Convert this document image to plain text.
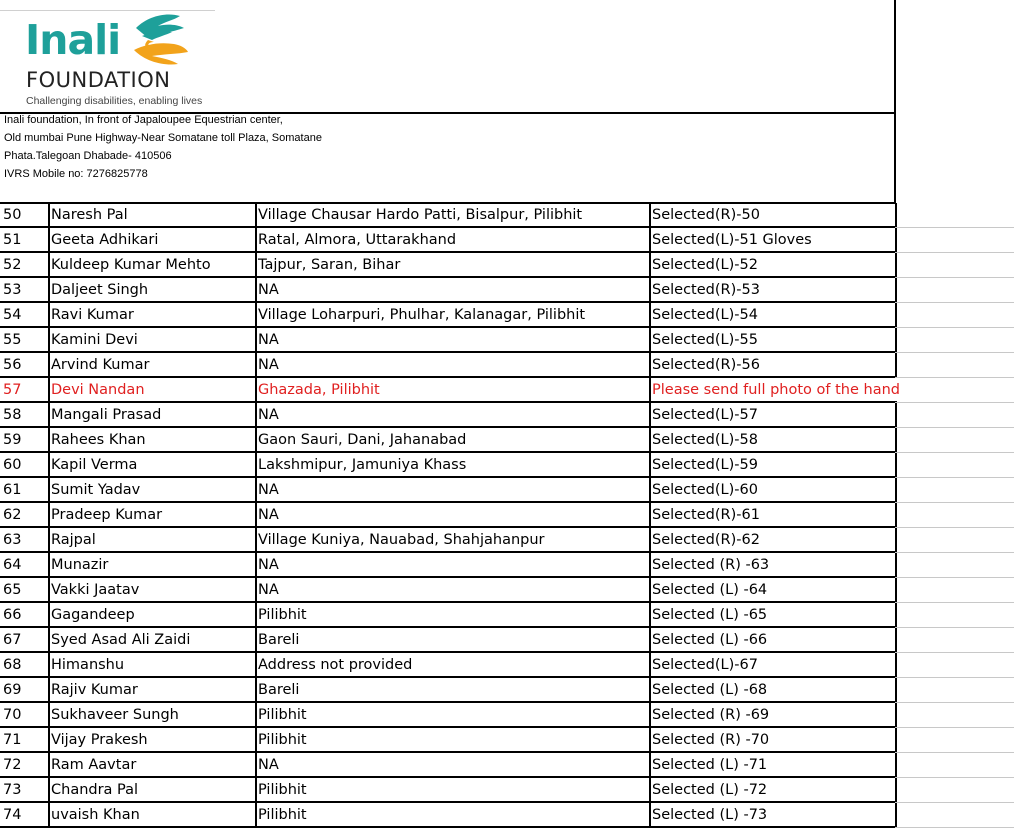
Inali
FOUNDATION
Challenging disabilities, enabling lives
Inali foundation, In front of Japaloupee Equestrian center,
Old mumbai Pune Highway-Near Somatane toll Plaza, Somatane
Phata.Talegoan Dhabade- 410506
IVRS Mobile no: 7276825778
50	Naresh Pal	Village Chausar Hardo Patti, Bisalpur, Pilibhit	Selected(R)-50
51	Geeta Adhikari	Ratal, Almora, Uttarakhand	Selected(L)-51 Gloves
52	Kuldeep Kumar Mehto	Tajpur, Saran, Bihar	Selected(L)-52
53	Daljeet Singh	NA	Selected(R)-53
54	Ravi Kumar	Village Loharpuri, Phulhar, Kalanagar, Pilibhit	Selected(L)-54
55	Kamini Devi	NA	Selected(L)-55
56	Arvind Kumar	NA	Selected(R)-56
57	Devi Nandan	Ghazada, Pilibhit	Please send full photo of the hand
58	Mangali Prasad	NA	Selected(L)-57
59	Rahees Khan	Gaon Sauri, Dani, Jahanabad	Selected(L)-58
60	Kapil Verma	Lakshmipur, Jamuniya Khass	Selected(L)-59
61	Sumit Yadav	NA	Selected(L)-60
62	Pradeep Kumar	NA	Selected(R)-61
63	Rajpal	Village Kuniya, Nauabad, Shahjahanpur	Selected(R)-62
64	Munazir	NA	Selected (R) -63
65	Vakki Jaatav	NA	Selected (L) -64
66	Gagandeep	Pilibhit	Selected (L) -65
67	Syed Asad Ali Zaidi	Bareli	Selected (L) -66
68	Himanshu	Address not provided	Selected(L)-67
69	Rajiv Kumar	Bareli	Selected (L) -68
70	Sukhaveer Sungh	Pilibhit	Selected (R) -69
71	Vijay Prakesh	Pilibhit	Selected (R) -70
72	Ram Aavtar	NA	Selected (L) -71
73	Chandra Pal	Pilibhit	Selected (L) -72
74	uvaish Khan	Pilibhit	Selected (L) -73
